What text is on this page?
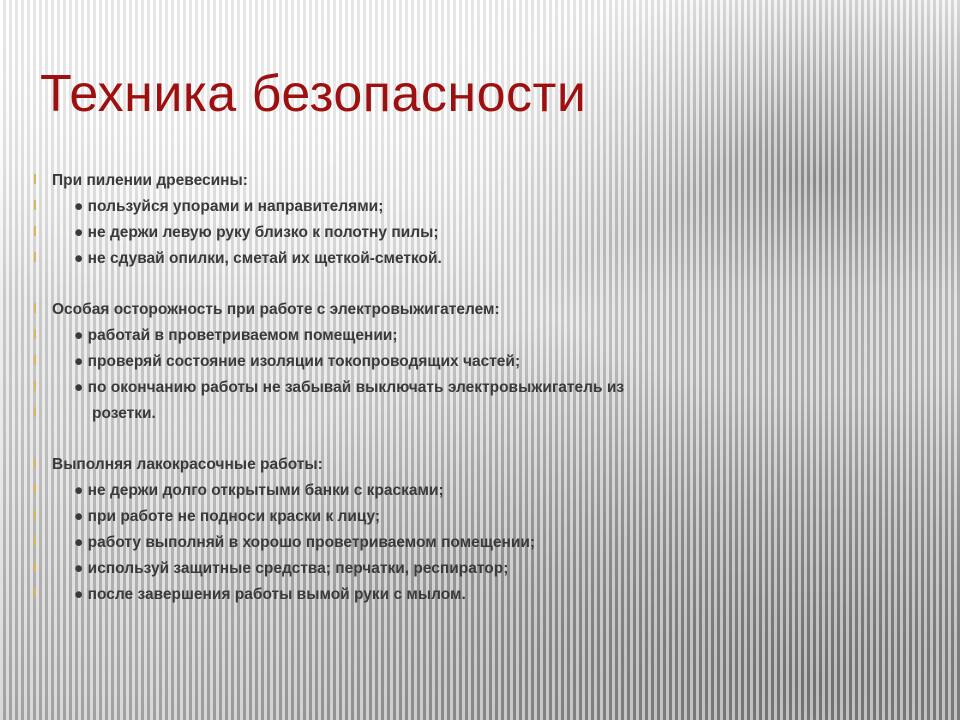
Техника безопасности
При пилении древесины:
● пользуйся упорами и направителями;
● не держи левую руку близко к полотну пилы;
● не сдувай опилки, сметай их щеткой-сметкой.
Особая осторожность при работе с электровыжигателем:
● работай в проветриваемом помещении;
● проверяй состояние изоляции токопроводящих частей;
● по окончанию работы не забывай выключать электровыжигатель из
розетки.
Выполняя лакокрасочные работы:
● не держи долго открытыми банки с красками;
● при работе не подноси краски к лицу;
● работу выполняй в хорошо проветриваемом помещении;
● используй защитные средства; перчатки, респиратор;
● после завершения работы вымой руки с мылом.
